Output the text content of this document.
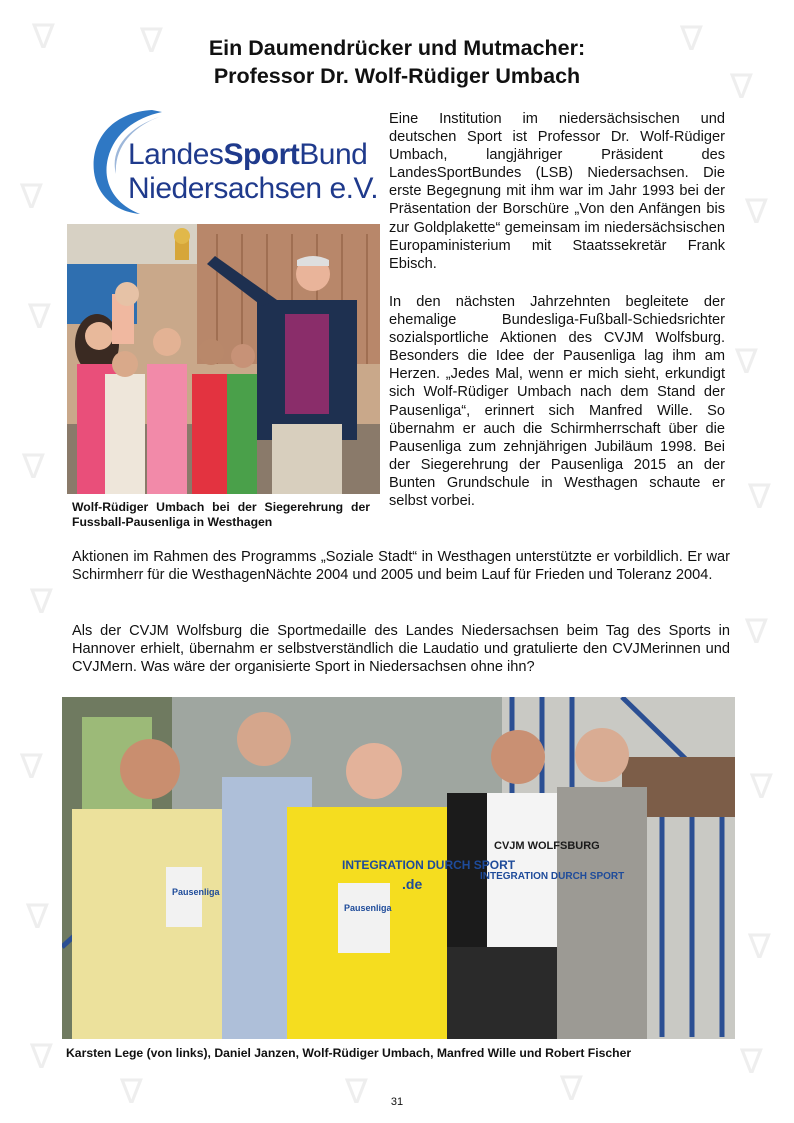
∇	∇	∇
∇
∇	∇
∇
∇
∇
∇
∇
∇
∇	∇
∇
∇
∇
∇	∇	∇
∇
Ein Daumendrücker und Mutmacher:
Professor Dr. Wolf-Rüdiger Umbach
LandesSportBund
Niedersachsen e.V.
Wolf-Rüdiger Umbach bei der Siegerehrung der Fussball-Pausenliga in Westhagen
Eine Institution im niedersächsischen und deutschen Sport ist Professor Dr. Wolf-Rüdiger Umbach, langjähriger Präsident des LandesSportBundes (LSB) Niedersachsen. Die erste Begegnung mit ihm war im Jahr 1993 bei der Präsentation der Borschüre „Von den Anfängen bis zur Goldplakette“ gemeinsam im niedersächsischen Europaministerium mit Staatssekretär Frank Ebisch.
In den nächsten Jahrzehnten begleitete der ehemalige Bundesliga-Fußball-Schiedsrichter sozialsportliche Aktionen des CVJM Wolfsburg. Besonders die Idee der Pausenliga lag ihm am Herzen. „Jedes Mal, wenn er mich sieht, erkundigt sich Wolf-Rüdiger Umbach nach dem Stand der Pausenliga“, erinnert sich Manfred Wille. So übernahm er auch die Schirmherrschaft über die Pausenliga zum zehnjährigen Jubiläum 1998. Bei der Siegerehrung der Pausenliga 2015 an der Bunten Grundschule in Westhagen schaute er selbst vorbei.
Aktionen im Rahmen des Programms „Soziale Stadt“ in Westhagen unterstützte er vorbildlich. Er war Schirmherr für die WesthagenNächte 2004 und 2005 und beim Lauf für Frieden und Toleranz 2004.
Als der CVJM Wolfsburg die Sportmedaille des Landes Niedersachsen beim Tag des Sports in Hannover erhielt, übernahm er selbstverständlich die Laudatio und gratulierte den CVJMerinnen und CVJMern. Was wäre der organisierte Sport in Niedersachsen ohne ihn?
INTEGRATION DURCH SPORT
.de
CVJM WOLFSBURG
INTEGRATION DURCH SPORT
Pausenliga
Pausenliga
Karsten Lege (von links), Daniel Janzen, Wolf-Rüdiger Umbach, Manfred Wille und Robert Fischer
31
